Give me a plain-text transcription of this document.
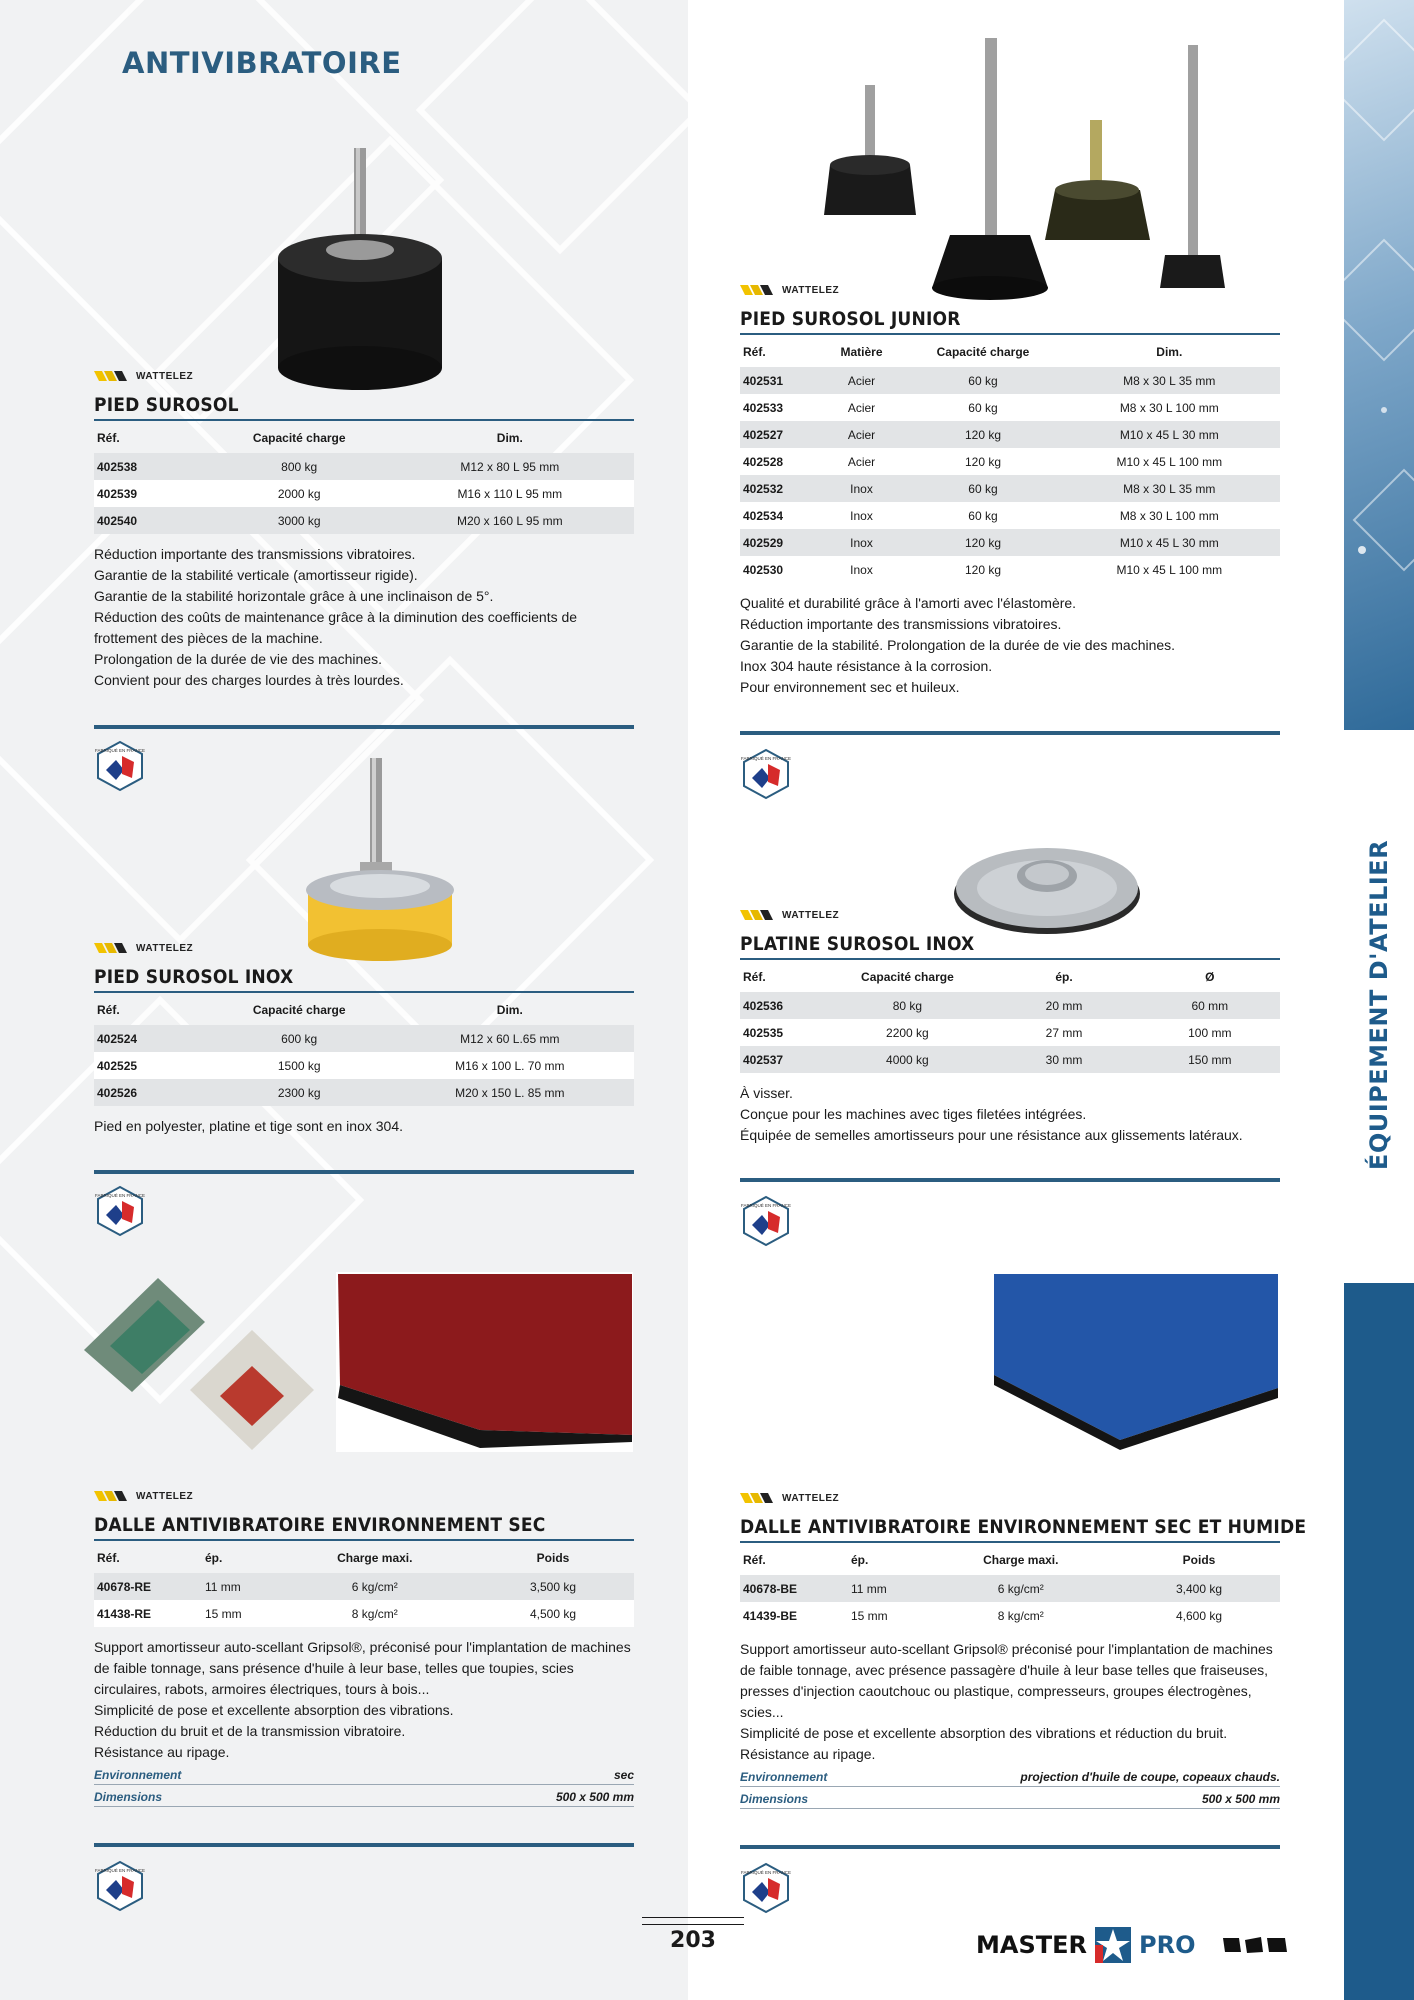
ÉQUIPEMENT D'ATELIER
ANTIVIBRATOIRE
WATTELEZ
PIED SUROSOL
Réf.	Capacité charge	Dim.
402538	800 kg	M12 x 80 L 95 mm
402539	2000 kg	M16 x 110 L 95 mm
402540	3000 kg	M20 x 160 L 95 mm

Réduction importante des transmissions vibratoires.

Garantie de la stabilité verticale (amortisseur rigide).

Garantie de la stabilité horizontale grâce à une inclinaison de 5°.

Réduction des coûts de maintenance grâce à la diminution des coefficients de frottement des pièces de la machine.

Prolongation de la durée de vie des machines.

Convient pour des charges lourdes à très lourdes.

FABRIQUÉ EN FRANCE
WATTELEZ
PIED SUROSOL INOX
Réf.	Capacité charge	Dim.
402524	600 kg	M12 x 60 L.65 mm
402525	1500 kg	M16 x 100 L. 70 mm
402526	2300 kg	M20 x 150 L. 85 mm

Pied en polyester, platine et tige sont en inox 304.

FABRIQUÉ EN FRANCE
WATTELEZ
DALLE ANTIVIBRATOIRE ENVIRONNEMENT SEC
Réf.	ép.	Charge maxi.	Poids
40678-RE	11 mm	6 kg/cm²	3,500 kg
41438-RE	15 mm	8 kg/cm²	4,500 kg

Support amortisseur auto-scellant Gripsol®, préconisé pour l'implantation de machines de faible tonnage, sans présence d'huile à leur base, telles que toupies, scies circulaires, rabots, armoires électriques, tours à bois...

Simplicité de pose et excellente absorption des vibrations.

Réduction du bruit et de la transmission vibratoire.

Résistance au ripage.

Environnement	sec
Dimensions	500 x 500 mm
FABRIQUÉ EN FRANCE
WATTELEZ
PIED SUROSOL JUNIOR
Réf.	Matière	Capacité charge	Dim.
402531	Acier	60 kg	M8 x 30 L 35 mm
402533	Acier	60 kg	M8 x 30 L 100 mm
402527	Acier	120 kg	M10 x 45 L 30 mm
402528	Acier	120 kg	M10 x 45 L 100 mm
402532	Inox	60 kg	M8 x 30 L 35 mm
402534	Inox	60 kg	M8 x 30 L 100 mm
402529	Inox	120 kg	M10 x 45 L 30 mm
402530	Inox	120 kg	M10 x 45 L 100 mm

Qualité et durabilité grâce à l'amorti avec l'élastomère.

Réduction importante des transmissions vibratoires.

Garantie de la stabilité. Prolongation de la durée de vie des machines.

Inox 304 haute résistance à la corrosion.

Pour environnement sec et huileux.

FABRIQUÉ EN FRANCE
WATTELEZ
PLATINE SUROSOL INOX
Réf.	Capacité charge	ép.	Ø
402536	80 kg	20 mm	60 mm
402535	2200 kg	27 mm	100 mm
402537	4000 kg	30 mm	150 mm

À visser.

Conçue pour les machines avec tiges filetées intégrées.

Équipée de semelles amortisseurs pour une résistance aux glissements latéraux.

FABRIQUÉ EN FRANCE
WATTELEZ
DALLE ANTIVIBRATOIRE ENVIRONNEMENT SEC ET HUMIDE
Réf.	ép.	Charge maxi.	Poids
40678-BE	11 mm	6 kg/cm²	3,400 kg
41439-BE	15 mm	8 kg/cm²	4,600 kg

Support amortisseur auto-scellant Gripsol® préconisé pour l'implantation de machines de faible tonnage, avec présence passagère d'huile à leur base telles que fraiseuses, presses d'injection caoutchouc ou plastique, compresseurs, groupes électrogènes, scies...

Simplicité de pose et excellente absorption des vibrations et réduction du bruit.

Résistance au ripage.

Environnement	projection d'huile de coupe, copeaux chauds.
Dimensions	500 x 500 mm
FABRIQUÉ EN FRANCE
203	MASTER PRO
